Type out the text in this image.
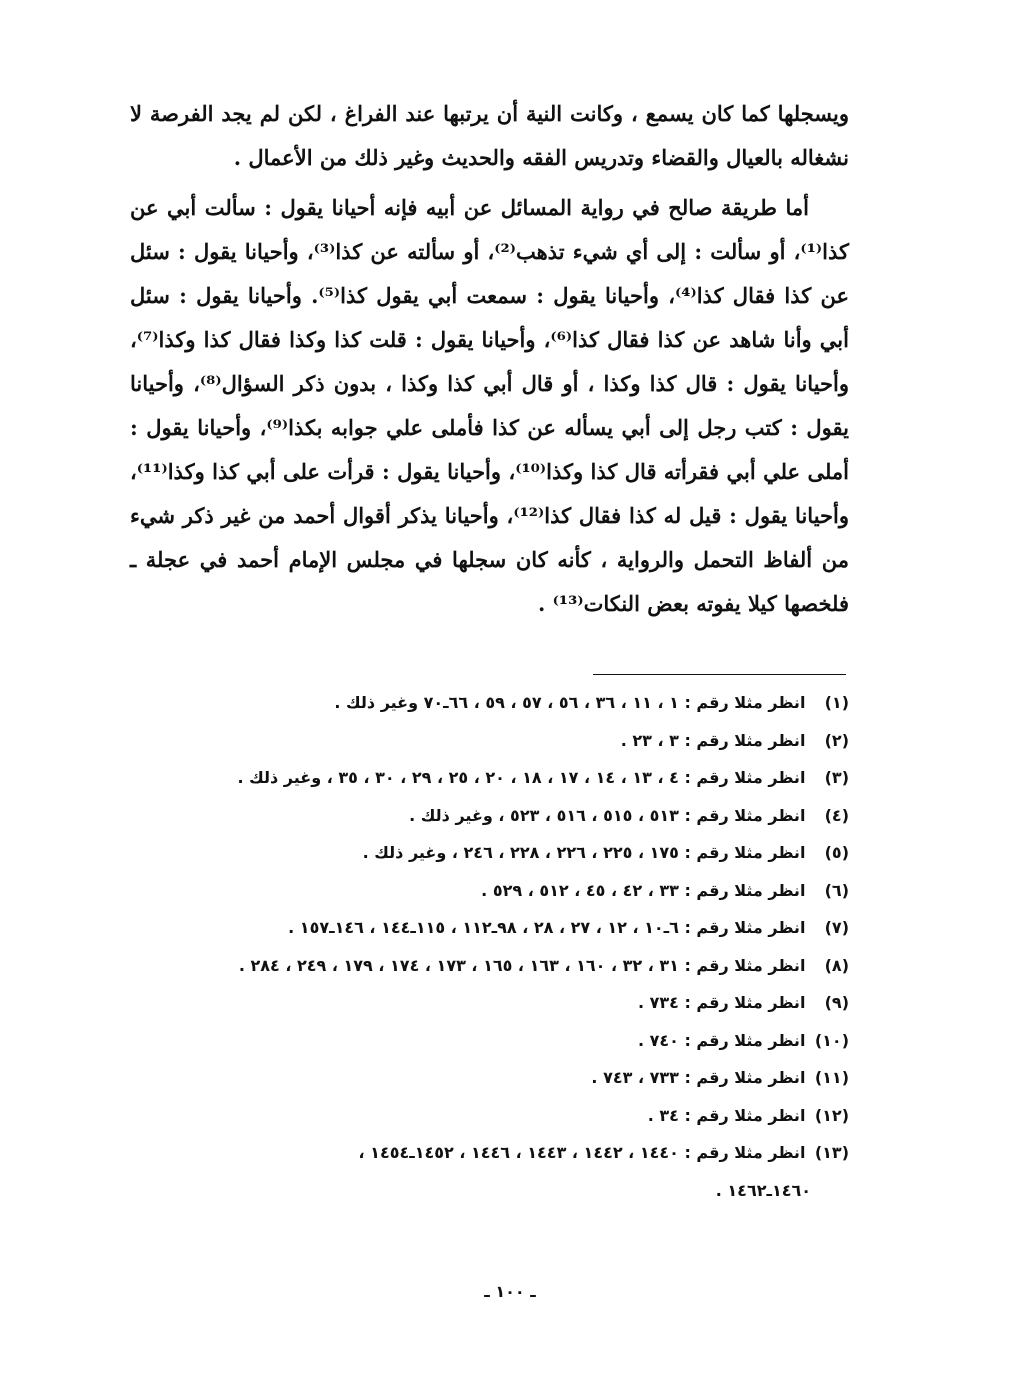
ويسجلها كما كان يسمع ، وكانت النية أن يرتبها عند الفراغ ، لكن لم يجد الفرصة لا نشغاله بالعيال والقضاء وتدريس الفقه والحديث وغير ذلك من الأعمال .

أما طريقة صالح في رواية المسائل عن أبيه فإنه أحيانا يقول : سألت أبي عن كذا⁽¹⁾، أو سألت : إلى أي شيء تذهب⁽²⁾، أو سألته عن كذا⁽³⁾، وأحيانا يقول : سئل عن كذا فقال كذا⁽⁴⁾، وأحيانا يقول : سمعت أبي يقول كذا⁽⁵⁾. وأحيانا يقول : سئل أبي وأنا شاهد عن كذا فقال كذا⁽⁶⁾، وأحيانا يقول : قلت كذا وكذا فقال كذا وكذا⁽⁷⁾، وأحيانا يقول : قال كذا وكذا ، أو قال أبي كذا وكذا ، بدون ذكر السؤال⁽⁸⁾، وأحيانا يقول : كتب رجل إلى أبي يسأله عن كذا فأملى علي جوابه بكذا⁽⁹⁾، وأحيانا يقول : أملى علي أبي فقرأته قال كذا وكذا⁽¹⁰⁾، وأحيانا يقول : قرأت على أبي كذا وكذا⁽¹¹⁾، وأحيانا يقول : قيل له كذا فقال كذا⁽¹²⁾، وأحيانا يذكر أقوال أحمد من غير ذكر شيء من ألفاظ التحمل والرواية ، كأنه كان سجلها في مجلس الإمام أحمد في عجلة ـ فلخصها كيلا يفوته بعض النكات⁽¹³⁾ .

(١) انظر مثلا رقم : ١ ، ١١ ، ٣٦ ، ٥٦ ، ٥٧ ، ٥٩ ، ٦٦ـ٧٠ وغير ذلك .
(٢) انظر مثلا رقم : ٣ ، ٢٣ .
(٣) انظر مثلا رقم : ٤ ، ١٣ ، ١٤ ، ١٧ ، ١٨ ، ٢٠ ، ٢٥ ، ٢٩ ، ٣٠ ، ٣٥ ، وغير ذلك .
(٤) انظر مثلا رقم : ٥١٣ ، ٥١٥ ، ٥١٦ ، ٥٢٣ ، وغير ذلك .
(٥) انظر مثلا رقم : ١٧٥ ، ٢٢٥ ، ٢٢٦ ، ٢٢٨ ، ٢٤٦ ، وغير ذلك .
(٦) انظر مثلا رقم : ٣٣ ، ٤٢ ، ٤٥ ، ٥١٢ ، ٥٢٩ .
(٧) انظر مثلا رقم : ٦ـ١٠ ، ١٢ ، ٢٧ ، ٢٨ ، ٩٨ـ١١٢ ، ١١٥ـ١٤٤ ، ١٤٦ـ١٥٧ .
(٨) انظر مثلا رقم : ٣١ ، ٣٢ ، ١٦٠ ، ١٦٣ ، ١٦٥ ، ١٧٣ ، ١٧٤ ، ١٧٩ ، ٢٤٩ ، ٢٨٤ .
(٩) انظر مثلا رقم : ٧٣٤ .
(١٠) انظر مثلا رقم : ٧٤٠ .
(١١) انظر مثلا رقم : ٧٣٣ ، ٧٤٣ .
(١٢) انظر مثلا رقم : ٣٤ .
(١٣) انظر مثلا رقم : ١٤٤٠ ، ١٤٤٢ ، ١٤٤٣ ، ١٤٤٦ ، ١٤٥٢ـ١٤٥٤ ،
١٤٦٠ـ١٤٦٢ .
ـ ١٠٠ ـ
